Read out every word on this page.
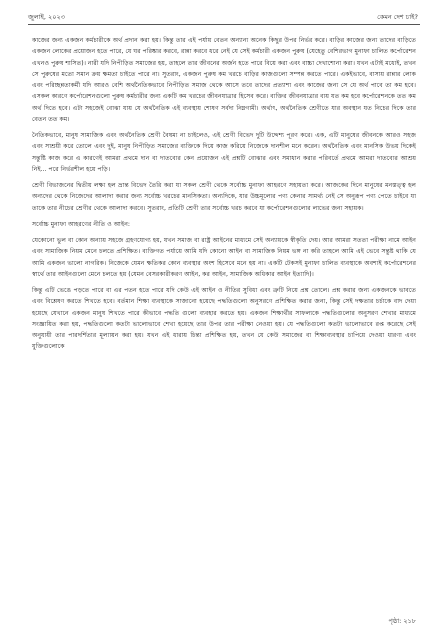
জুলাই, ২০২৩	কেমন দেশ চাই?

কাজের জন্য একজন কর্মচারীকে অর্থ প্রদান করা হয়। কিন্তু তার এই পর্যায় বেতন অন্যান্য অনেক কিছুর উপর নির্ভর করে। বাড়ির কাজের জন্য তাদের বাড়িতে একজন লোকের প্রয়োজন হতে পারে, যে ঘর পরিষ্কার করবে, রান্না করবে ধরে নেই যে সেই কর্মচারী একজন পুরুষ (যেহেতু বেশিরভাগ মুনাফা চালিত কর্পোরেশন এখনও পুরুষ শাসিত)। নারী যদি নিপীড়িত সমাজের হয়, তাহলে তার জীবনের অর্জন হতে পারে বিয়ে করা এবং বাচ্চা দেখাশোনা করা। যখন এটাই মধ্যেই, তখন সে পুরুষের মতো সমান ক্রয় ক্ষমতা চাইতে পারে না। সুতরাং, একজন পুরুষ কম খরচে বাড়ির কাজগুলো সম্পন্ন করতে পারে। একইভাবে, বাসায় রান্নার লোক এবং পরিচ্ছন্নতাকর্মী যদি আরও বেশি অর্থনৈতিকভাবে নিপীড়িত সমাজ থেকে আসে তবে তাদের প্রত্যাশা এবং কাজের জন্য সে যে অর্থ পাবে তা কম হবে। এসকল কারণে কর্পোরেশনগুলো পুরুষ কর্মচারীর জন্য একটি কম খরচের জীবনযাত্রার হিসেব করে। ব্যক্তির জীবনযাত্রার ব্যয় যত কম হবে কর্পোরেশনকে তত কম অর্থ দিতে হবে। এটা সহজেই বোঝা যায় যে অর্থনৈতিক এই ব্যবস্থায় শোষণ সর্বদা নিম্নগামী। অর্থাৎ, অর্থনৈতিক শ্রেণীতে যার অবস্থান যত নিচের দিকে তার বেতন তত কম।

নৈতিকভাবে, মানুষ সামাজিক এবং অর্থনৈতিক শ্রেণী বৈষম্য না চাইলেও, এই শ্রেণী বিভেদ দুটি উদ্দেশ্য পূরণ করে। এক, এটি মানুষের জীবনকে আরও সহজ এবং সাশ্রয়ী করে তোলে এবং দুই, মানুষ নিপীড়িত সমাজের ব্যক্তিকে দিয়ে কাজ করিয়ে নিজেকে দানশীল মনে করেন। অর্থনৈতিক এবং মানসিক উভয় দিকেই সন্তুষ্টি কাজ করে এ কারণেই আমরা প্রথমে দান বা দাতব্যের কেন প্রয়োজন এই প্রশ্নটি বোঝার এবং সমাধান করার পরিবর্তে প্রথমে আমরা দাতব্যের আশ্রয় নিই... পরে নির্ভরশীল হয়ে পড়ি।

শ্রেণী বিভাজনের দ্বিতীয় লক্ষ্য হল ভ্রান্ত বিভেদ তৈরি করা যা সকল শ্রেণী থেকে সর্বোচ্চ মুনাফা আহরণে সহায়তা করে। আজকের দিনে মানুষের মনস্তত্ত্ব হল অন্যদের থেকে নিজেদের আলাদা করার জন্য সর্বোচ্চ খরচের মানসিকতা। অন্যদিকে, যার উচ্চমূল্যের পণ্য কেনার সামর্থ্য নেই সে অনুরূপ পণ্য পেতে চাইবে যা তাকে তার নীচের শ্রেণীর থেকে আলাদা করবে। সুতরাং, প্রতিটি শ্রেণী তার সর্বোচ্চ খরচ করবে যা কর্পোরেশনগুলোর লাভের জন্য সহায়ক।

সর্বোচ্চ মুনাফা আহরণের নীতি ও আইন:

যেকোনো ভুল বা কোন অন্যায় সহজে গ্রহণযোগ্য হয়, যখন সমাজ বা রাষ্ট্র আইনের মাধ্যমে সেই অন্যায়কে স্বীকৃতি দেয়। আর আমরা সততা পরীক্ষা নামে আইন এবং সামাজিক নিয়ম মেনে চলতে প্রশিক্ষিত। ব্যক্তিগত পর্যায়ে আমি যদি কোনো আইন বা সামাজিক নিয়ম ভঙ্গ না করি তাহলে আমি এই ভেবে সন্তুষ্ট থাকি যে আমি একজন ভালো নাগরিক। নিজেকে যেমন ক্ষতিকর কোন ব্যবস্থার অংশ হিসেবে মনে হয় না। একটি টেকসই মুনাফা চালিত ব্যবস্থাকে অবশ্যই কর্পোরেশনের স্বার্থে তার আইনগুলো মেনে চলতে হয় (যেমন বেসরকারীকরণ আইন, কর আইন, সামাজিক অধিকার আইন ইত্যাদি)।

কিন্তু এটি ভেঙে পড়তে পারে বা এর পতন হতে পারে যদি কেউ এই আইন ও নীতির সুবিধা এবং ত্রুটি নিয়ে প্রশ্ন তোলে। প্রশ্ন করার জন্য একজনকে ভাবতে এবং বিশ্লেষণ করতে শিখতে হবে। বর্তমান শিক্ষা ব্যবস্থাকে সাজানো হয়েছে পদ্ধতিগুলো অনুসরণে প্রশিক্ষিত করার জন্য, কিন্তু সেই দক্ষতার চর্চাকে বাদ দেয়া হয়েছে যেখানে একজন মানুষ শিখতে পারে কীভাবে পদ্ধতি গুলো ব্যবহার করতে হয়। একজন শিক্ষার্থীর সাফল্যকে পদ্ধতিগুলোর অনুসরণ শেখার মাধ্যমে সংজ্ঞায়িত করা হয়, পদ্ধতিগুলো কতটা ভালোভাবে শেখা হয়েছে তার উপর তার পরীক্ষা নেওয়া হয়। যে পদ্ধতিগুলো কতটা ভালোভাবে রপ্ত করেছে সেই অনুযায়ী তার পারদর্শিতার মূল্যায়ন করা হয়। যখন এই ধারায় চিন্তা প্রশিক্ষিত হয়, তখন যে কেউ সমাজের বা শিক্ষাব্যবস্থার চাপিয়ে দেওয়া ধারণা এবং যুক্তিগুলোকে

পৃষ্ঠা: ২১৮
